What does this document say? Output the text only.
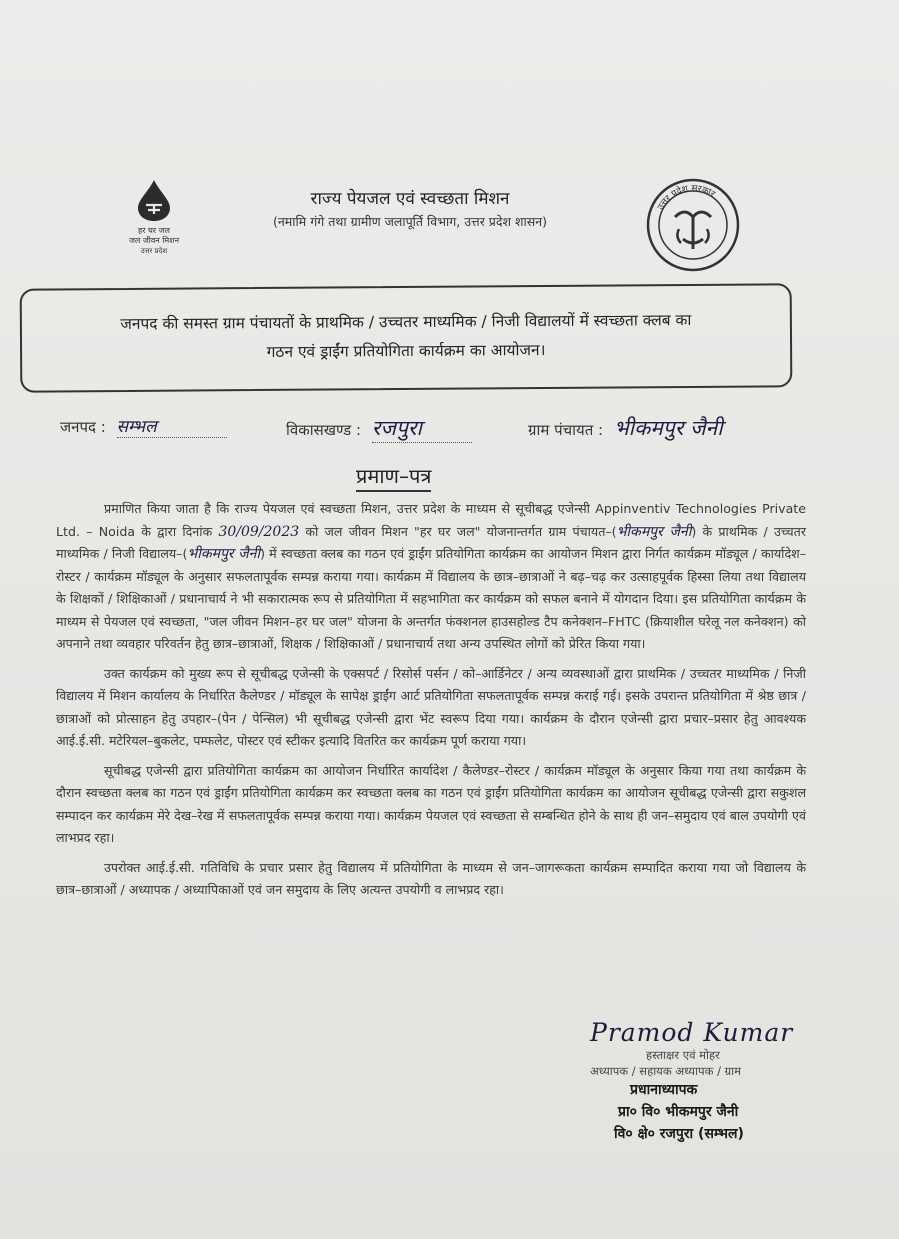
हर घर जल
जल जीवन मिशन
उत्तर प्रदेश
राज्य पेयजल एवं स्वच्छता मिशन
(नमामि गंगे तथा ग्रामीण जलापूर्ति विभाग, उत्तर प्रदेश शासन)
उत्तर प्रदेश सरकार
जनपद की समस्त ग्राम पंचायतों के प्राथमिक / उच्चतर माध्यमिक / निजी विद्यालयों में स्वच्छता क्लब का
गठन एवं ड्राईंग प्रतियोगिता कार्यक्रम का आयोजन।
जनपद : सम्भल	विकासखण्ड : रजपुरा	ग्राम पंचायत : भीकमपुर जैनी
प्रमाण–पत्र

प्रमाणित किया जाता है कि राज्य पेयजल एवं स्वच्छता मिशन, उत्तर प्रदेश के माध्यम से सूचीबद्ध एजेन्सी Appinventiv Technologies Private Ltd. – Noida के द्वारा दिनांक 30/09/2023 को जल जीवन मिशन "हर घर जल" योजनान्तर्गत ग्राम पंचायत–(भीकमपुर जैनी) के प्राथमिक / उच्चतर माध्यमिक / निजी विद्यालय–(भीकमपुर जैनी) में स्वच्छता क्लब का गठन एवं ड्राईंग प्रतियोगिता कार्यक्रम का आयोजन मिशन द्वारा निर्गत कार्यक्रम मॉड्यूल / कार्यादेश–रोस्टर / कार्यक्रम मॉड्यूल के अनुसार सफलतापूर्वक सम्पन्न कराया गया। कार्यक्रम में विद्यालय के छात्र–छात्राओं ने बढ़–चढ़ कर उत्साहपूर्वक हिस्सा लिया तथा विद्यालय के शिक्षकों / शिक्षिकाओं / प्रधानाचार्य ने भी सकारात्मक रूप से प्रतियोगिता में सहभागिता कर कार्यक्रम को सफल बनाने में योगदान दिया। इस प्रतियोगिता कार्यक्रम के माध्यम से पेयजल एवं स्वच्छता, "जल जीवन मिशन–हर घर जल" योजना के अन्तर्गत फंक्शनल हाउसहोल्ड टैप कनेक्शन–FHTC (क्रियाशील घरेलू नल कनेक्शन) को अपनाने तथा व्यवहार परिवर्तन हेतु छात्र–छात्राओं, शिक्षक / शिक्षिकाओं / प्रधानाचार्य तथा अन्य उपस्थित लोगों को प्रेरित किया गया।

उक्त कार्यक्रम को मुख्य रूप से सूचीबद्ध एजेन्सी के एक्सपर्ट / रिसोर्स पर्सन / को–आर्डिनेटर / अन्य व्यवस्थाओं द्वारा प्राथमिक / उच्चतर माध्यमिक / निजी विद्यालय में मिशन कार्यालय के निर्धारित कैलेण्डर / मॉड्यूल के सापेक्ष ड्राईंग आर्ट प्रतियोगिता सफलतापूर्वक सम्पन्न कराई गई। इसके उपरान्त प्रतियोगिता में श्रेष्ठ छात्र / छात्राओं को प्रोत्साहन हेतु उपहार–(पेन / पेन्सिल) भी सूचीबद्ध एजेन्सी द्वारा भेंट स्वरूप दिया गया। कार्यक्रम के दौरान एजेन्सी द्वारा प्रचार–प्रसार हेतु आवश्यक आई.ई.सी. मटेरियल–बुकलेट, पम्फलेट, पोस्टर एवं स्टीकर इत्यादि वितरित कर कार्यक्रम पूर्ण कराया गया।

सूचीबद्ध एजेन्सी द्वारा प्रतियोगिता कार्यक्रम का आयोजन निर्धारित कार्यादेश / कैलेण्डर–रोस्टर / कार्यक्रम मॉड्यूल के अनुसार किया गया तथा कार्यक्रम के दौरान स्वच्छता क्लब का गठन एवं ड्राईंग प्रतियोगिता कार्यक्रम कर स्वच्छता क्लब का गठन एवं ड्राईंग प्रतियोगिता कार्यक्रम का आयोजन सूचीबद्ध एजेन्सी द्वारा सकुशल सम्पादन कर कार्यक्रम मेरे देख–रेख में सफलतापूर्वक सम्पन्न कराया गया। कार्यक्रम पेयजल एवं स्वच्छता से सम्बन्धित होने के साथ ही जन–समुदाय एवं बाल उपयोगी एवं लाभप्रद रहा।

उपरोक्त आई.ई.सी. गतिविधि के प्रचार प्रसार हेतु विद्यालय में प्रतियोगिता के माध्यम से जन–जागरूकता कार्यक्रम सम्पादित कराया गया जो विद्यालय के छात्र–छात्राओं / अध्यापक / अध्यापिकाओं एवं जन समुदाय के लिए अत्यन्त उपयोगी व लाभप्रद रहा।

Pramod Kumar
हस्ताक्षर एवं मोहर
अध्यापक / सहायक अध्यापक / ग्राम
प्रधानाध्यापक
प्रा० वि० भीकमपुर जैनी
वि० क्षे० रजपुरा (सम्भल)
